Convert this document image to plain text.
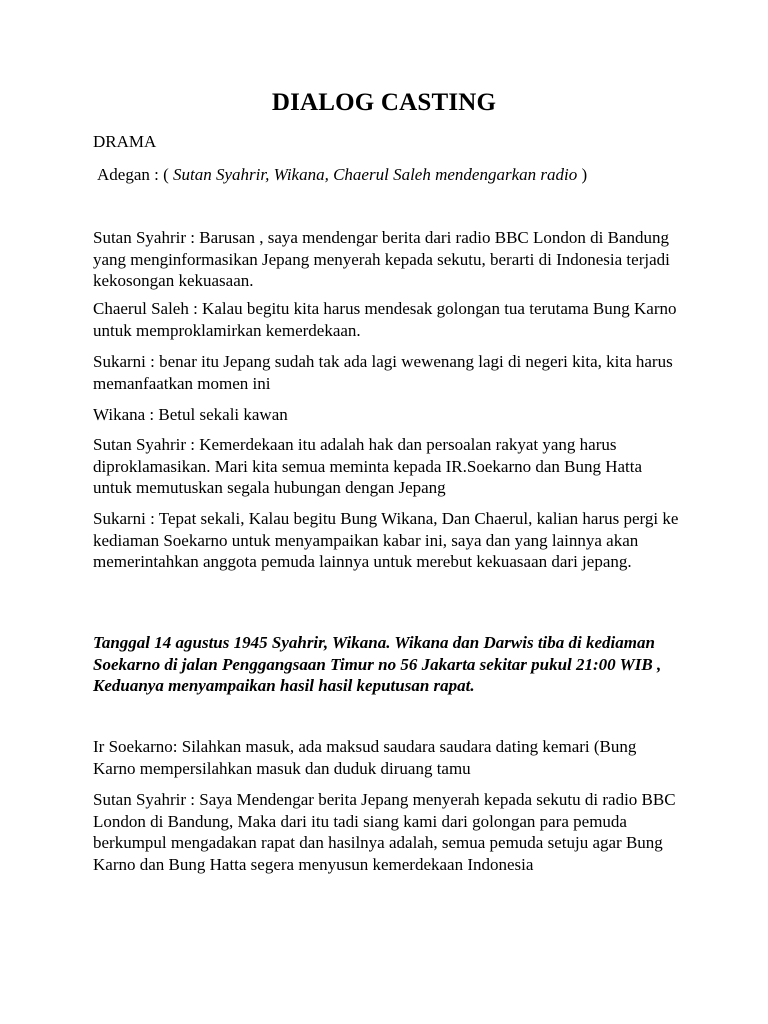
DIALOG CASTING

DRAMA

Adegan : ( Sutan Syahrir, Wikana, Chaerul Saleh mendengarkan radio )

Sutan Syahrir : Barusan , saya mendengar berita dari radio BBC London di Bandung yang menginformasikan Jepang menyerah kepada sekutu, berarti di Indonesia terjadi kekosongan kekuasaan.

Chaerul Saleh : Kalau begitu kita harus mendesak golongan tua terutama Bung Karno untuk memproklamirkan kemerdekaan.

Sukarni : benar itu Jepang sudah tak ada lagi wewenang lagi di negeri kita, kita harus memanfaatkan momen ini

Wikana : Betul sekali kawan

Sutan Syahrir : Kemerdekaan itu adalah hak dan persoalan rakyat yang harus diproklamasikan. Mari kita semua meminta kepada IR.Soekarno dan Bung Hatta untuk memutuskan segala hubungan dengan Jepang

Sukarni : Tepat sekali, Kalau begitu Bung Wikana, Dan Chaerul, kalian harus pergi ke kediaman Soekarno untuk menyampaikan kabar ini, saya dan yang lainnya akan memerintahkan anggota pemuda lainnya untuk merebut kekuasaan dari jepang.

Tanggal 14 agustus 1945 Syahrir, Wikana. Wikana dan Darwis tiba di kediaman Soekarno di jalan Penggangsaan Timur no 56 Jakarta sekitar pukul 21:00 WIB , Keduanya menyampaikan hasil hasil keputusan rapat.

Ir Soekarno: Silahkan masuk, ada maksud saudara saudara dating kemari (Bung Karno mempersilahkan masuk dan duduk diruang tamu

Sutan Syahrir : Saya Mendengar berita Jepang menyerah kepada sekutu di radio BBC London di Bandung, Maka dari itu tadi siang kami dari golongan para pemuda berkumpul mengadakan rapat dan hasilnya adalah, semua pemuda setuju agar Bung Karno dan Bung Hatta segera menyusun kemerdekaan Indonesia
